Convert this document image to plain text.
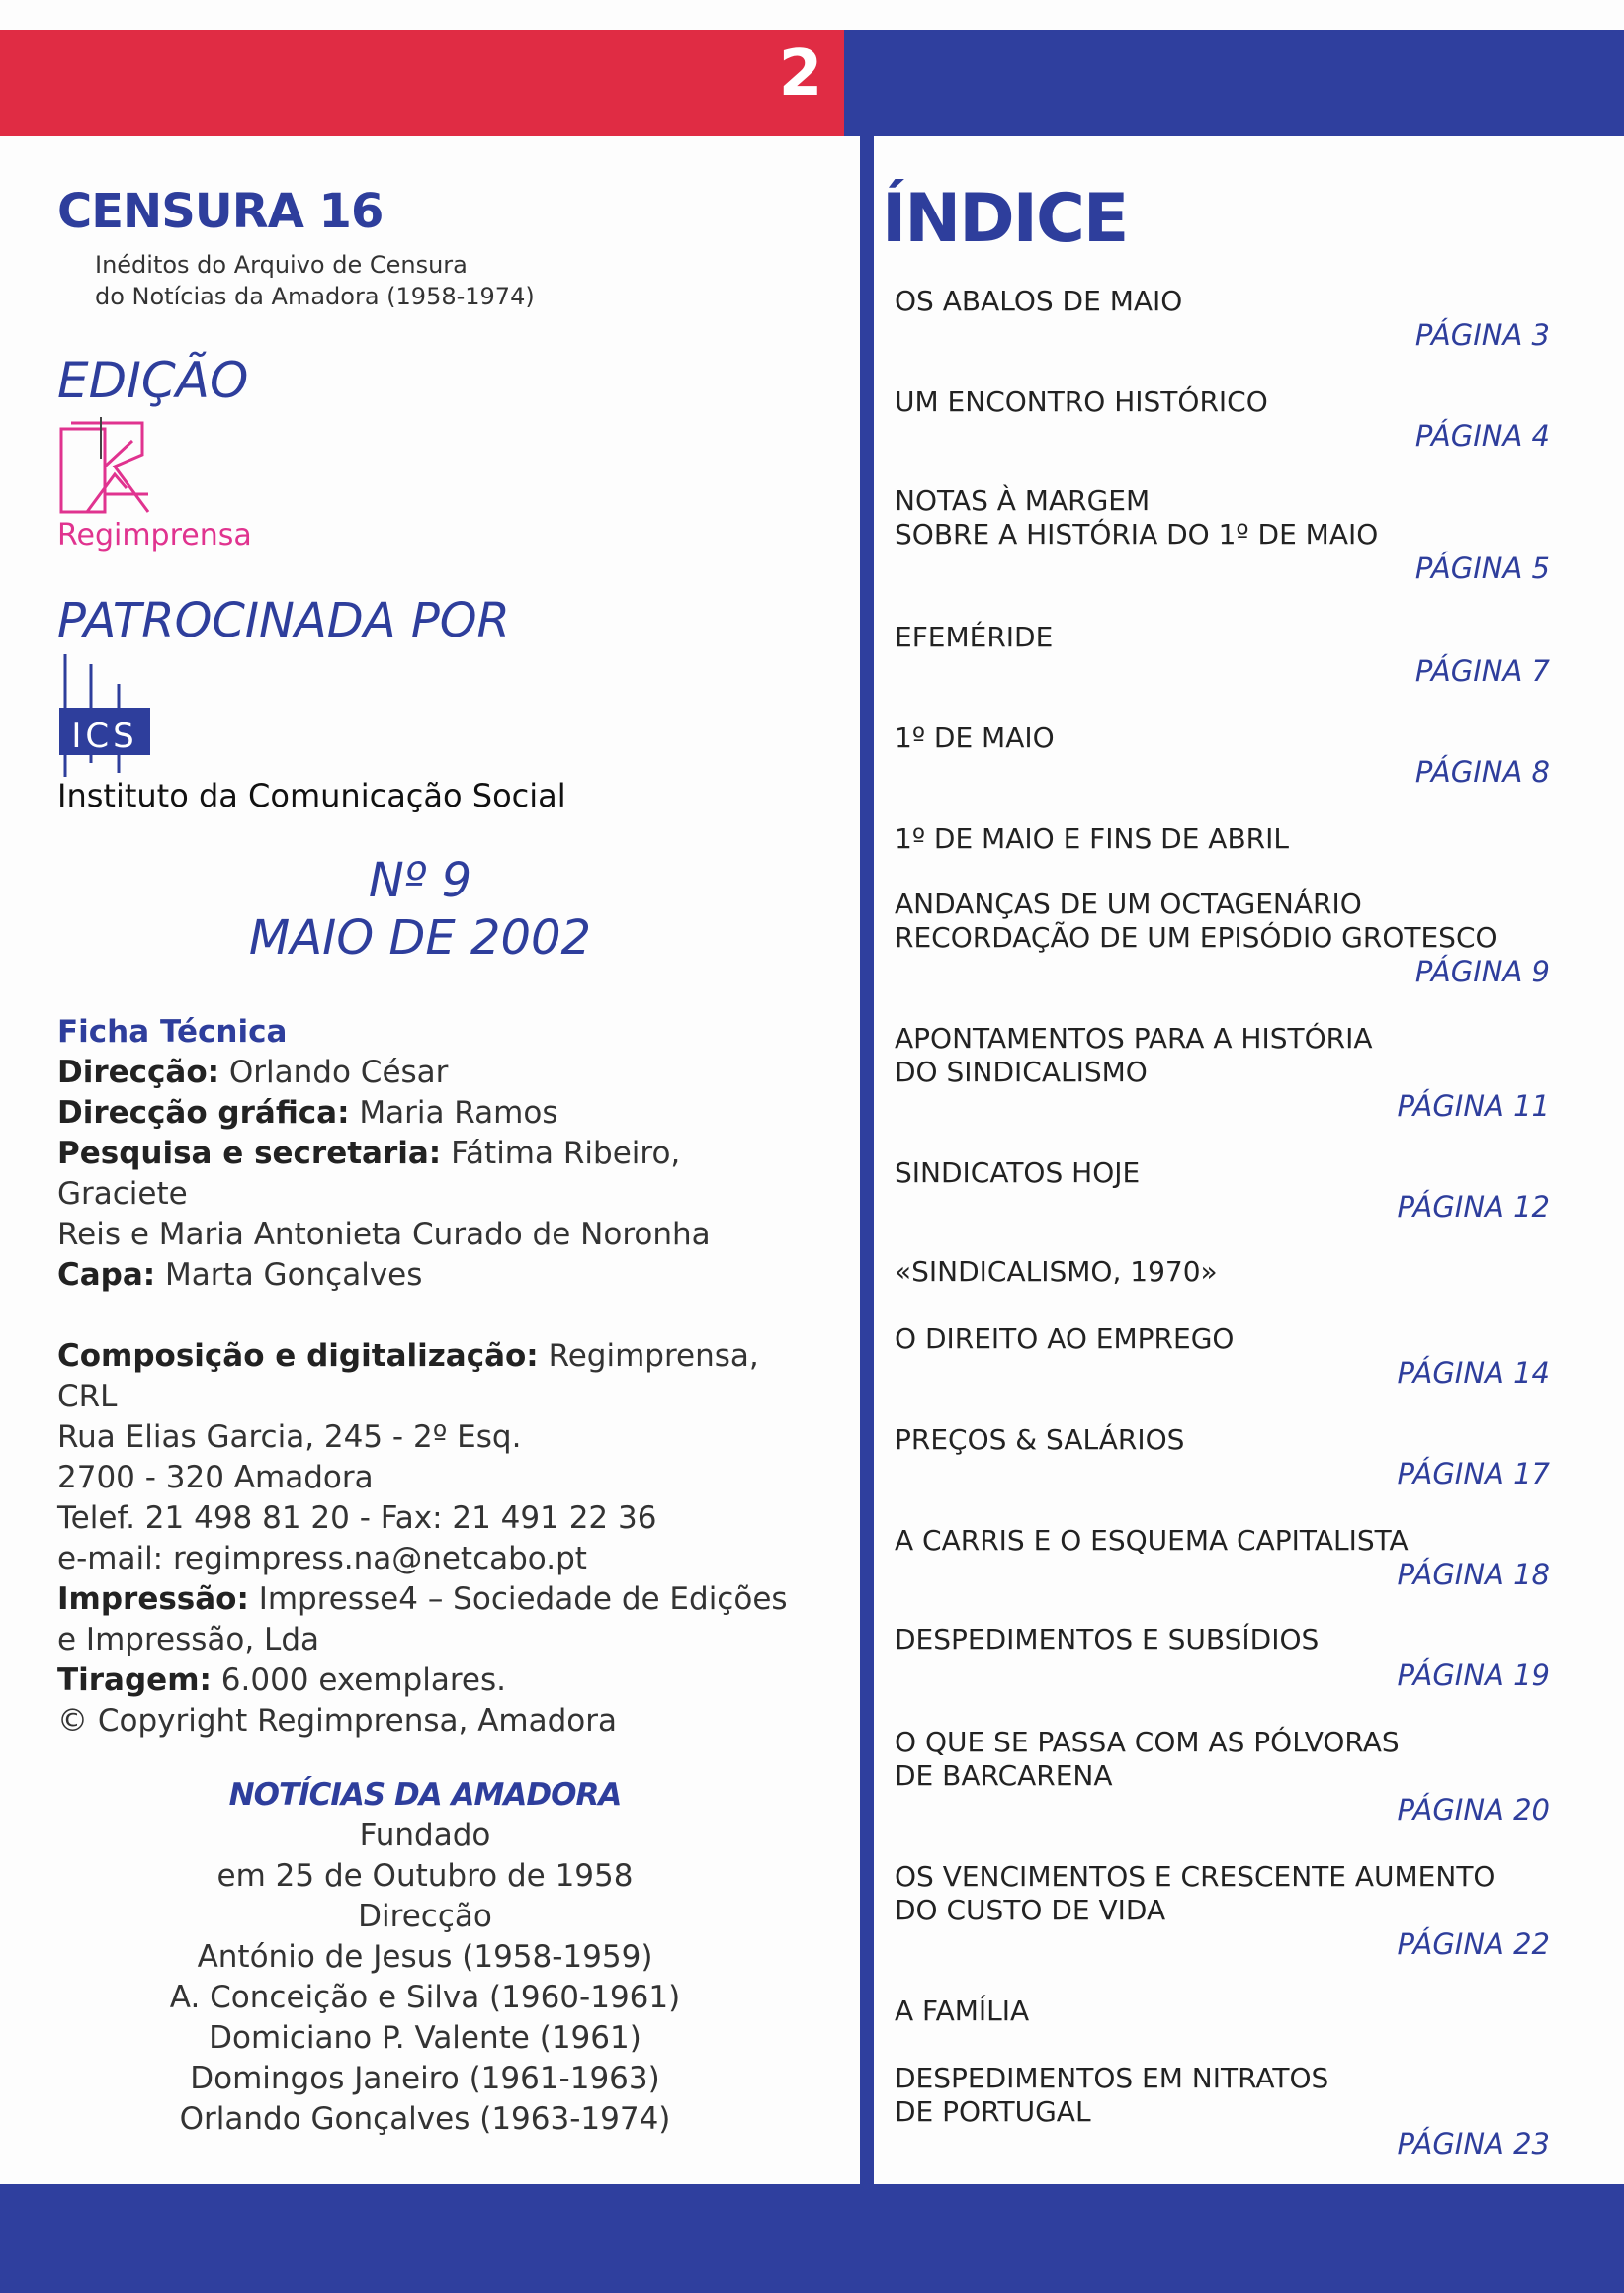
2
CENSURA 16
Inéditos do Arquivo de Censura
do Notícias da Amadora (1958-1974)
EDIÇÃO
Regimprensa
PATROCINADA POR
ICS
Instituto da Comunicação Social
Nº 9
MAIO DE 2002
Ficha Técnica
Direcção: Orlando César
Direcção gráfica: Maria Ramos
Pesquisa e secretaria: Fátima Ribeiro, Graciete
Reis e Maria Antonieta Curado de Noronha
Capa: Marta Gonçalves
Composição e digitalização: Regimprensa, CRL
Rua Elias Garcia, 245 - 2º Esq.
2700 - 320 Amadora
Telef. 21 498 81 20 - Fax: 21 491 22 36
e-mail: regimpress.na@netcabo.pt
Impressão: Impresse4 – Sociedade de Edições
e Impressão, Lda
Tiragem: 6.000 exemplares.
© Copyright Regimprensa, Amadora
NOTÍCIAS DA AMADORA
Fundado
em 25 de Outubro de 1958
Direcção
António de Jesus (1958-1959)
A. Conceição e Silva (1960-1961)
Domiciano P. Valente (1961)
Domingos Janeiro (1961-1963)
Orlando Gonçalves (1963-1974)
ÍNDICE
OS ABALOS DE MAIO
PÁGINA 3
UM ENCONTRO HISTÓRICO
PÁGINA 4
NOTAS À MARGEM
SOBRE A HISTÓRIA DO 1º DE MAIO
PÁGINA 5
EFEMÉRIDE
PÁGINA 7
1º DE MAIO
PÁGINA 8
1º DE MAIO E FINS DE ABRIL
ANDANÇAS DE UM OCTAGENÁRIO
RECORDAÇÃO DE UM EPISÓDIO GROTESCO
PÁGINA 9
APONTAMENTOS PARA A HISTÓRIA
DO SINDICALISMO
PÁGINA 11
SINDICATOS HOJE
PÁGINA 12
«SINDICALISMO, 1970»
O DIREITO AO EMPREGO
PÁGINA 14
PREÇOS & SALÁRIOS
PÁGINA 17
A CARRIS E O ESQUEMA CAPITALISTA
PÁGINA 18
DESPEDIMENTOS E SUBSÍDIOS
PÁGINA 19
O QUE SE PASSA COM AS PÓLVORAS
DE BARCARENA
PÁGINA 20
OS VENCIMENTOS E CRESCENTE AUMENTO
DO CUSTO DE VIDA
PÁGINA 22
A FAMÍLIA
DESPEDIMENTOS EM NITRATOS
DE PORTUGAL
PÁGINA 23
